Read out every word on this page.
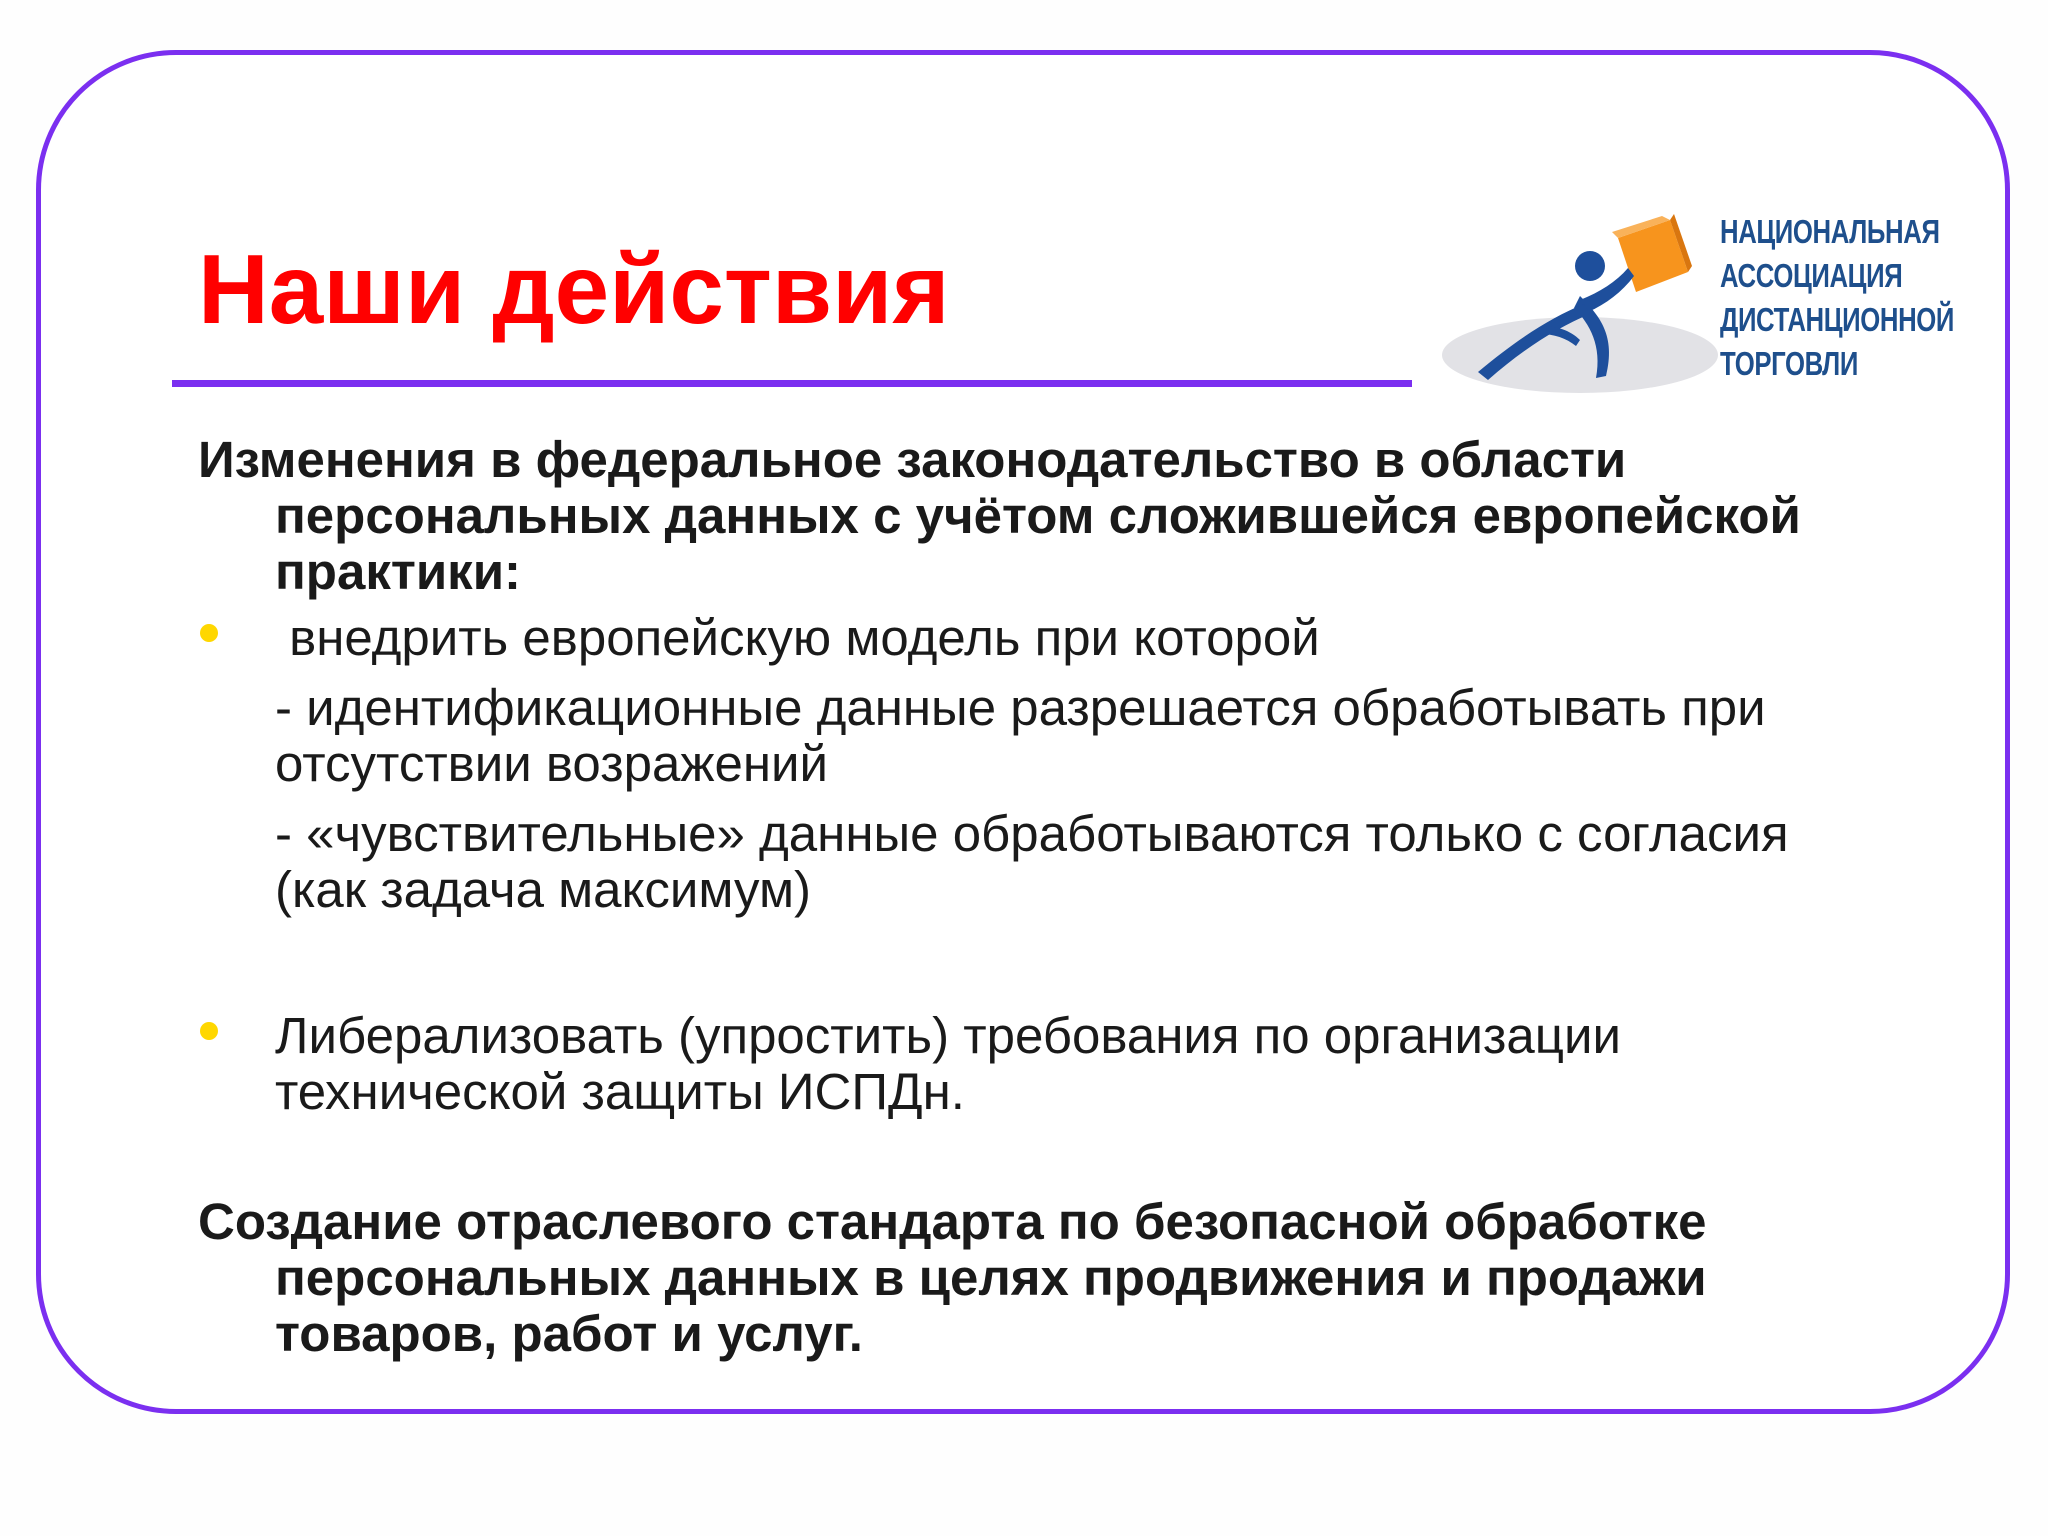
Наши действия
НАЦИОНАЛЬНАЯ
АССОЦИАЦИЯ
ДИСТАНЦИОННОЙ
ТОРГОВЛИ

Изменения в федеральное законодательство в области персональных данных с учётом сложившейся европейской практики:

внедрить европейскую модель при которой

- идентификационные данные разрешается обработывать при отсутствии возражений

- «чувствительные» данные обработываются только с согласия (как задача максимум)

Либерализовать (упростить) требования по организации технической защиты ИСПДн.

Создание отраслевого стандарта по безопасной обработке персональных данных в целях продвижения и продажи товаров, работ и услуг.
